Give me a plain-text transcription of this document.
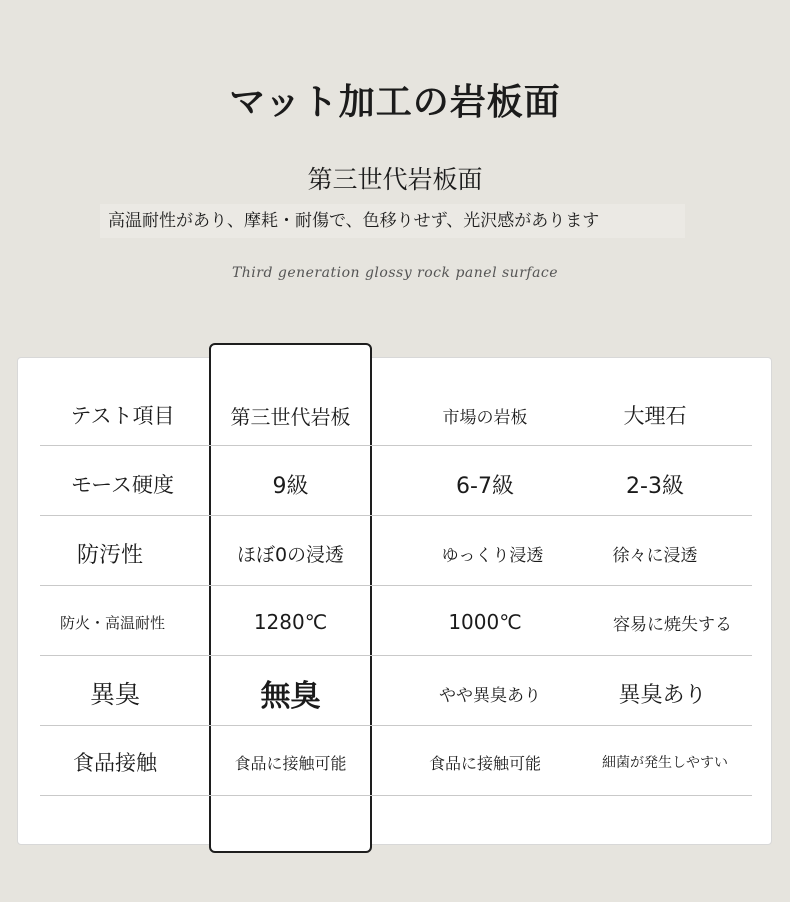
マット加工の岩板面
第三世代岩板面
高温耐性があり、摩耗・耐傷で、色移りせず、光沢感があります
Third generation glossy rock panel surface
テスト項目	第三世代岩板	市場の岩板	大理石
モース硬度	9級	6-7級	2-3級
防汚性	ほぼ0の浸透	ゆっくり浸透	徐々に浸透
防火・高温耐性	1280℃	1000℃	容易に焼失する
異臭	無臭	やや異臭あり	異臭あり
食品接触	食品に接触可能	食品に接触可能	細菌が発生しやすい
